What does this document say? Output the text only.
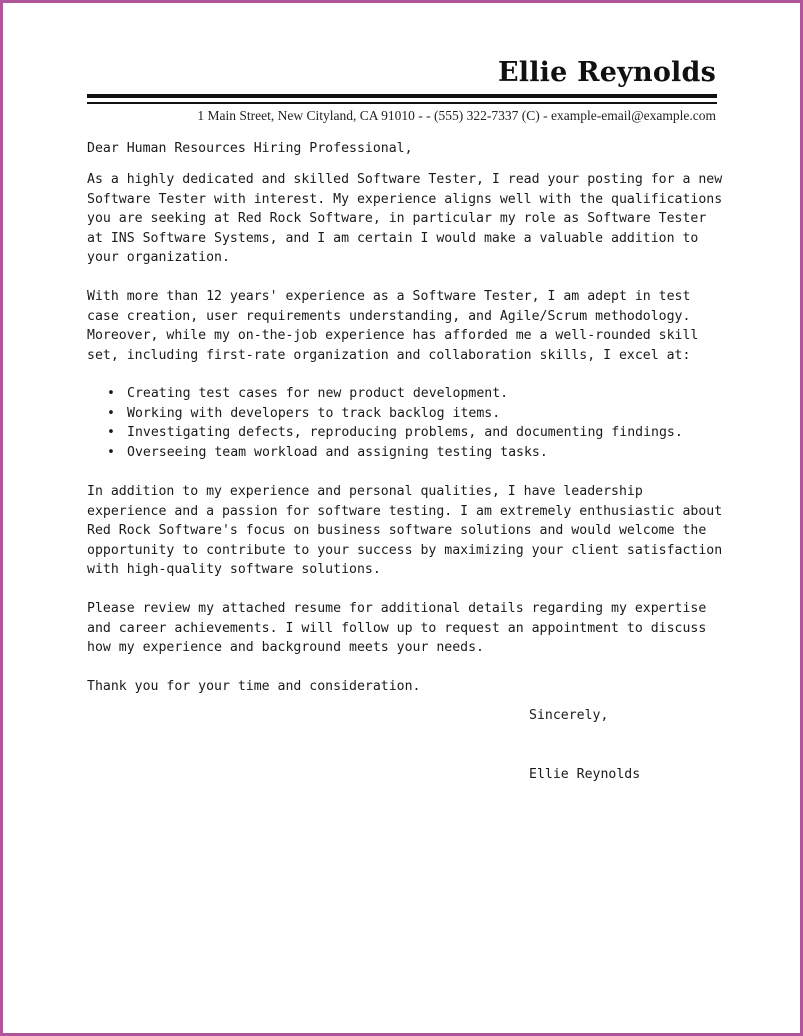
Ellie Reynolds
1 Main Street, New Cityland, CA 91010 - - (555) 322-7337 (C) - example-email@example.com

Dear Human Resources Hiring Professional,

As a highly dedicated and skilled Software Tester, I read your posting for a new Software Tester with interest. My experience aligns well with the qualifications you are seeking at Red Rock Software, in particular my role as Software Tester at INS Software Systems, and I am certain I would make a valuable addition to your organization.

With more than 12 years' experience as a Software Tester, I am adept in test case creation, user requirements understanding, and Agile/Scrum methodology. Moreover, while my on-the-job experience has afforded me a well-rounded skill set, including first-rate organization and collaboration skills, I excel at:

• Creating test cases for new product development.
• Working with developers to track backlog items.
• Investigating defects, reproducing problems, and documenting findings.
• Overseeing team workload and assigning testing tasks.

In addition to my experience and personal qualities, I have leadership experience and a passion for software testing. I am extremely enthusiastic about Red Rock Software's focus on business software solutions and would welcome the opportunity to contribute to your success by maximizing your client satisfaction with high-quality software solutions.

Please review my attached resume for additional details regarding my expertise and career achievements. I will follow up to request an appointment to discuss how my experience and background meets your needs.

Thank you for your time and consideration.

Sincerely,
Ellie Reynolds
